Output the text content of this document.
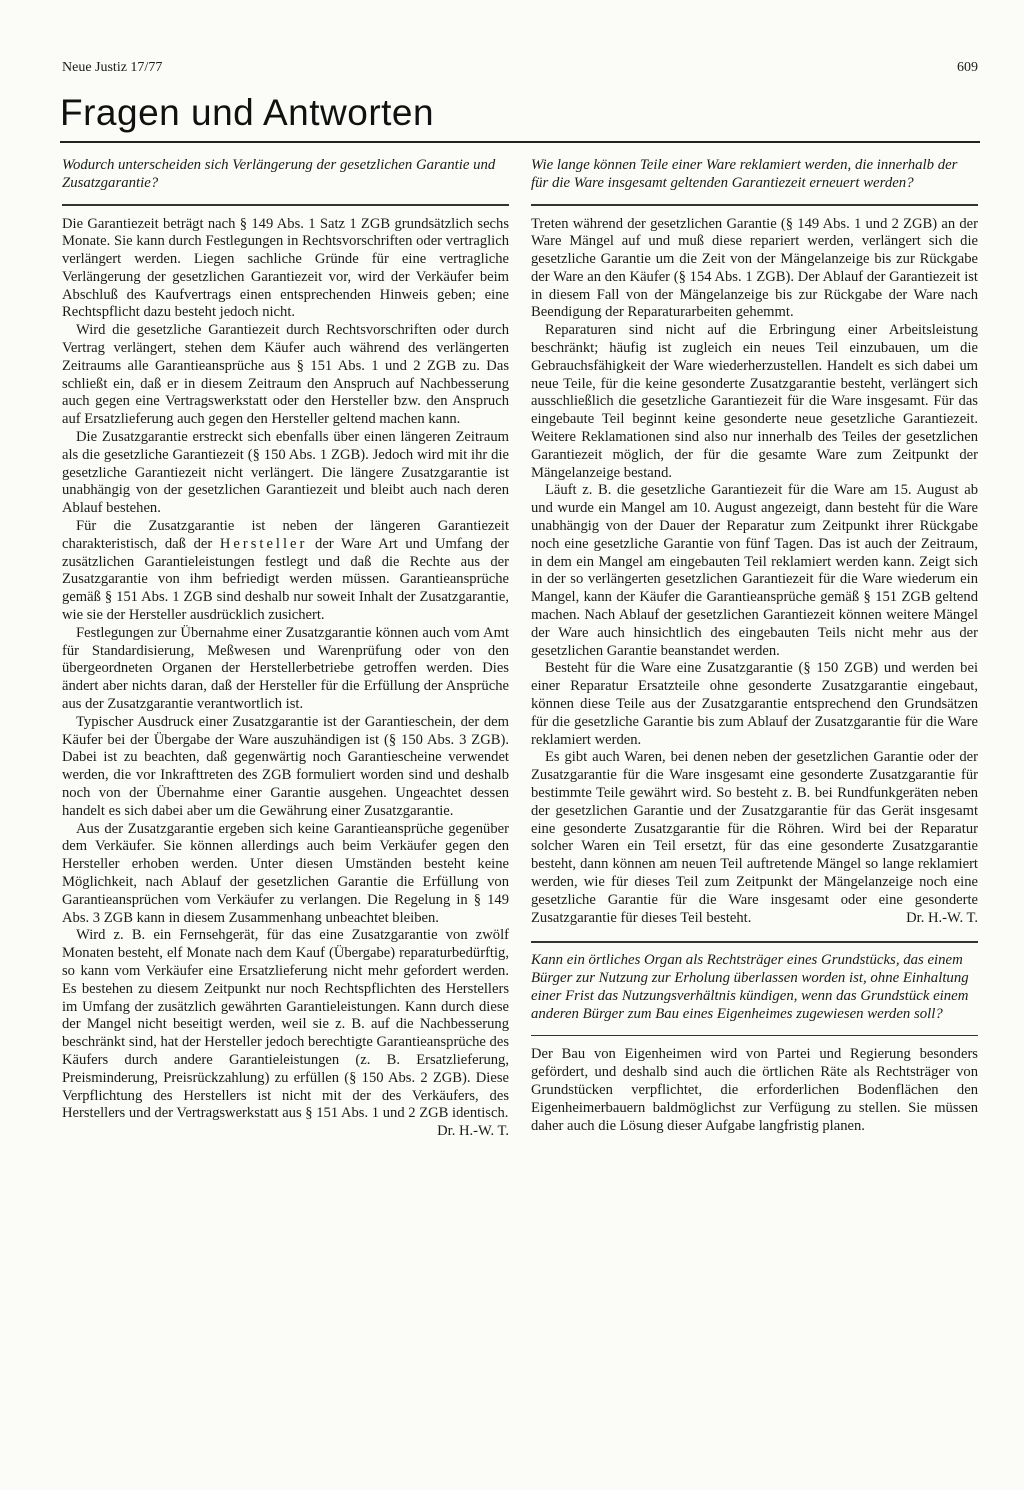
Neue Justiz 17/77	609
Fragen und Antworten

Wodurch unterscheiden sich Verlängerung der gesetzlichen Garantie und Zusatzgarantie?

Die Garantiezeit beträgt nach § 149 Abs. 1 Satz 1 ZGB grundsätzlich sechs Monate. Sie kann durch Festlegungen in Rechtsvorschriften oder vertraglich verlängert werden. Liegen sachliche Gründe für eine vertragliche Verlängerung der gesetzlichen Garantiezeit vor, wird der Verkäufer beim Abschluß des Kaufvertrags einen entsprechenden Hinweis geben; eine Rechtspflicht dazu besteht jedoch nicht.

Wird die gesetzliche Garantiezeit durch Rechtsvorschriften oder durch Vertrag verlängert, stehen dem Käufer auch während des verlängerten Zeitraums alle Garantieansprüche aus § 151 Abs. 1 und 2 ZGB zu. Das schließt ein, daß er in diesem Zeitraum den Anspruch auf Nachbesserung auch gegen eine Vertragswerkstatt oder den Hersteller bzw. den Anspruch auf Ersatzlieferung auch gegen den Hersteller geltend machen kann.

Die Zusatzgarantie erstreckt sich ebenfalls über einen längeren Zeitraum als die gesetzliche Garantiezeit (§ 150 Abs. 1 ZGB). Jedoch wird mit ihr die gesetzliche Garantiezeit nicht verlängert. Die längere Zusatzgarantie ist unabhängig von der gesetzlichen Garantiezeit und bleibt auch nach deren Ablauf bestehen.

Für die Zusatzgarantie ist neben der längeren Garantiezeit charakteristisch, daß der Hersteller der Ware Art und Umfang der zusätzlichen Garantieleistungen festlegt und daß die Rechte aus der Zusatzgarantie von ihm befriedigt werden müssen. Garantieansprüche gemäß § 151 Abs. 1 ZGB sind deshalb nur soweit Inhalt der Zusatzgarantie, wie sie der Hersteller ausdrücklich zusichert.

Festlegungen zur Übernahme einer Zusatzgarantie können auch vom Amt für Standardisierung, Meßwesen und Warenprüfung oder von den übergeordneten Organen der Herstellerbetriebe getroffen werden. Dies ändert aber nichts daran, daß der Hersteller für die Erfüllung der Ansprüche aus der Zusatzgarantie verantwortlich ist.

Typischer Ausdruck einer Zusatzgarantie ist der Garantieschein, der dem Käufer bei der Übergabe der Ware auszuhändigen ist (§ 150 Abs. 3 ZGB). Dabei ist zu beachten, daß gegenwärtig noch Garantiescheine verwendet werden, die vor Inkrafttreten des ZGB formuliert worden sind und deshalb noch von der Übernahme einer Garantie ausgehen. Ungeachtet dessen handelt es sich dabei aber um die Gewährung einer Zusatzgarantie.

Aus der Zusatzgarantie ergeben sich keine Garantieansprüche gegenüber dem Verkäufer. Sie können allerdings auch beim Verkäufer gegen den Hersteller erhoben werden. Unter diesen Umständen besteht keine Möglichkeit, nach Ablauf der gesetzlichen Garantie die Erfüllung von Garantieansprüchen vom Verkäufer zu verlangen. Die Regelung in § 149 Abs. 3 ZGB kann in diesem Zusammenhang unbeachtet bleiben.

Wird z. B. ein Fernsehgerät, für das eine Zusatzgarantie von zwölf Monaten besteht, elf Monate nach dem Kauf (Übergabe) reparaturbedürftig, so kann vom Verkäufer eine Ersatzlieferung nicht mehr gefordert werden. Es bestehen zu diesem Zeitpunkt nur noch Rechtspflichten des Herstellers im Umfang der zusätzlich gewährten Garantieleistungen. Kann durch diese der Mangel nicht beseitigt werden, weil sie z. B. auf die Nachbesserung beschränkt sind, hat der Hersteller jedoch berechtigte Garantieansprüche des Käufers durch andere Garantieleistungen (z. B. Ersatzlieferung, Preisminderung, Preisrückzahlung) zu erfüllen (§ 150 Abs. 2 ZGB). Diese Verpflichtung des Herstellers ist nicht mit der des Verkäufers, des Herstellers und der Vertragswerkstatt aus § 151 Abs. 1 und 2 ZGB identisch.
Dr. H.-W. T.

Wie lange können Teile einer Ware reklamiert werden, die innerhalb der für die Ware insgesamt geltenden Garantiezeit erneuert werden?

Treten während der gesetzlichen Garantie (§ 149 Abs. 1 und 2 ZGB) an der Ware Mängel auf und muß diese repariert werden, verlängert sich die gesetzliche Garantie um die Zeit von der Mängelanzeige bis zur Rückgabe der Ware an den Käufer (§ 154 Abs. 1 ZGB). Der Ablauf der Garantiezeit ist in diesem Fall von der Mängelanzeige bis zur Rückgabe der Ware nach Beendigung der Reparaturarbeiten gehemmt.

Reparaturen sind nicht auf die Erbringung einer Arbeitsleistung beschränkt; häufig ist zugleich ein neues Teil einzubauen, um die Gebrauchsfähigkeit der Ware wiederherzustellen. Handelt es sich dabei um neue Teile, für die keine gesonderte Zusatzgarantie besteht, verlängert sich ausschließlich die gesetzliche Garantiezeit für die Ware insgesamt. Für das eingebaute Teil beginnt keine gesonderte neue gesetzliche Garantiezeit. Weitere Reklamationen sind also nur innerhalb des Teiles der gesetzlichen Garantiezeit möglich, der für die gesamte Ware zum Zeitpunkt der Mängelanzeige bestand.

Läuft z. B. die gesetzliche Garantiezeit für die Ware am 15. August ab und wurde ein Mangel am 10. August angezeigt, dann besteht für die Ware unabhängig von der Dauer der Reparatur zum Zeitpunkt ihrer Rückgabe noch eine gesetzliche Garantie von fünf Tagen. Das ist auch der Zeitraum, in dem ein Mangel am eingebauten Teil reklamiert werden kann. Zeigt sich in der so verlängerten gesetzlichen Garantiezeit für die Ware wiederum ein Mangel, kann der Käufer die Garantieansprüche gemäß § 151 ZGB geltend machen. Nach Ablauf der gesetzlichen Garantiezeit können weitere Mängel der Ware auch hinsichtlich des eingebauten Teils nicht mehr aus der gesetzlichen Garantie beanstandet werden.

Besteht für die Ware eine Zusatzgarantie (§ 150 ZGB) und werden bei einer Reparatur Ersatzteile ohne gesonderte Zusatzgarantie eingebaut, können diese Teile aus der Zusatzgarantie entsprechend den Grundsätzen für die gesetzliche Garantie bis zum Ablauf der Zusatzgarantie für die Ware reklamiert werden.

Es gibt auch Waren, bei denen neben der gesetzlichen Garantie oder der Zusatzgarantie für die Ware insgesamt eine gesonderte Zusatzgarantie für bestimmte Teile gewährt wird. So besteht z. B. bei Rundfunkgeräten neben der gesetzlichen Garantie und der Zusatzgarantie für das Gerät insgesamt eine gesonderte Zusatzgarantie für die Röhren. Wird bei der Reparatur solcher Waren ein Teil ersetzt, für das eine gesonderte Zusatzgarantie besteht, dann können am neuen Teil auftretende Mängel so lange reklamiert werden, wie für dieses Teil zum Zeitpunkt der Mängelanzeige noch eine gesetzliche Garantie für die Ware insgesamt oder eine gesonderte Zusatzgarantie für dieses Teil besteht.	Dr. H.-W. T.

Kann ein örtliches Organ als Rechtsträger eines Grundstücks, das einem Bürger zur Nutzung zur Erholung überlassen worden ist, ohne Einhaltung einer Frist das Nutzungsverhältnis kündigen, wenn das Grundstück einem anderen Bürger zum Bau eines Eigenheimes zugewiesen werden soll?

Der Bau von Eigenheimen wird von Partei und Regierung besonders gefördert, und deshalb sind auch die örtlichen Räte als Rechtsträger von Grundstücken verpflichtet, die erforderlichen Bodenflächen den Eigenheimerbauern baldmöglichst zur Verfügung zu stellen. Sie müssen daher auch die Lösung dieser Aufgabe langfristig planen.
